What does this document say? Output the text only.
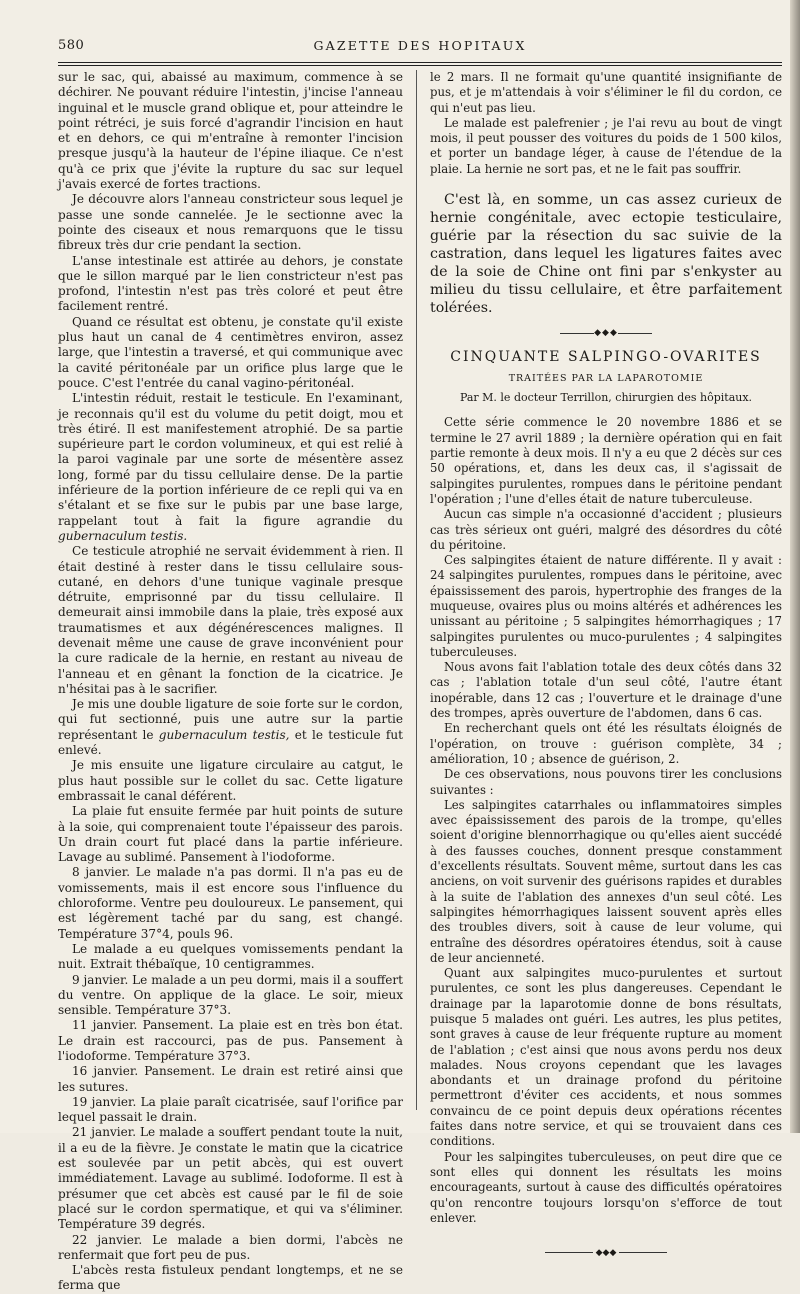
580	GAZETTE DES HOPITAUX

sur le sac, qui, abaissé au maximum, commence à se déchirer. Ne pouvant réduire l'intestin, j'incise l'anneau inguinal et le muscle grand oblique et, pour atteindre le point rétréci, je suis forcé d'agrandir l'incision en haut et en dehors, ce qui m'entraîne à remonter l'incision presque jusqu'à la hauteur de l'épine iliaque. Ce n'est qu'à ce prix que j'évite la rupture du sac sur lequel j'avais exercé de fortes tractions.

Je découvre alors l'anneau constricteur sous lequel je passe une sonde cannelée. Je le sectionne avec la pointe des ciseaux et nous remarquons que le tissu fibreux très dur crie pendant la section.

L'anse intestinale est attirée au dehors, je constate que le sillon marqué par le lien constricteur n'est pas profond, l'intestin n'est pas très coloré et peut être facilement rentré.

Quand ce résultat est obtenu, je constate qu'il existe plus haut un canal de 4 centimètres environ, assez large, que l'intestin a traversé, et qui communique avec la cavité péritonéale par un orifice plus large que le pouce. C'est l'entrée du canal vagino-péritonéal.

L'intestin réduit, restait le testicule. En l'examinant, je reconnais qu'il est du volume du petit doigt, mou et très étiré. Il est manifestement atrophié. De sa partie supérieure part le cordon volumineux, et qui est relié à la paroi vaginale par une sorte de mésentère assez long, formé par du tissu cellulaire dense. De la partie inférieure de la portion inférieure de ce repli qui va en s'étalant et se fixe sur le pubis par une base large, rappelant tout à fait la figure agrandie du gubernaculum testis.

Ce testicule atrophié ne servait évidemment à rien. Il était destiné à rester dans le tissu cellulaire sous-cutané, en dehors d'une tunique vaginale presque détruite, emprisonné par du tissu cellulaire. Il demeurait ainsi immobile dans la plaie, très exposé aux traumatismes et aux dégénérescences malignes. Il devenait même une cause de grave inconvénient pour la cure radicale de la hernie, en restant au niveau de l'anneau et en gênant la fonction de la cicatrice. Je n'hésitai pas à le sacrifier.

Je mis une double ligature de soie forte sur le cordon, qui fut sectionné, puis une autre sur la partie représentant le gubernaculum testis, et le testicule fut enlevé.

Je mis ensuite une ligature circulaire au catgut, le plus haut possible sur le collet du sac. Cette ligature embrassait le canal déférent.

La plaie fut ensuite fermée par huit points de suture à la soie, qui comprenaient toute l'épaisseur des parois. Un drain court fut placé dans la partie inférieure. Lavage au sublimé. Pansement à l'iodoforme.

8 janvier. Le malade n'a pas dormi. Il n'a pas eu de vomissements, mais il est encore sous l'influence du chloroforme. Ventre peu douloureux. Le pansement, qui est légèrement taché par du sang, est changé. Température 37°4, pouls 96.

Le malade a eu quelques vomissements pendant la nuit. Extrait thébaïque, 10 centigrammes.

9 janvier. Le malade a un peu dormi, mais il a souffert du ventre. On applique de la glace. Le soir, mieux sensible. Température 37°3.

11 janvier. Pansement. La plaie est en très bon état. Le drain est raccourci, pas de pus. Pansement à l'iodoforme. Température 37°3.

16 janvier. Pansement. Le drain est retiré ainsi que les sutures.

19 janvier. La plaie paraît cicatrisée, sauf l'orifice par lequel passait le drain.

21 janvier. Le malade a souffert pendant toute la nuit, il a eu de la fièvre. Je constate le matin que la cicatrice est soulevée par un petit abcès, qui est ouvert immédiatement. Lavage au sublimé. Iodoforme. Il est à présumer que cet abcès est causé par le fil de soie placé sur le cordon spermatique, et qui va s'éliminer. Température 39 degrés.

22 janvier. Le malade a bien dormi, l'abcès ne renfermait que fort peu de pus.

L'abcès resta fistuleux pendant longtemps, et ne se ferma que

le 2 mars. Il ne formait qu'une quantité insignifiante de pus, et je m'attendais à voir s'éliminer le fil du cordon, ce qui n'eut pas lieu.

Le malade est palefrenier ; je l'ai revu au bout de vingt mois, il peut pousser des voitures du poids de 1 500 kilos, et porter un bandage léger, à cause de l'étendue de la plaie. La hernie ne sort pas, et ne le fait pas souffrir.

C'est là, en somme, un cas assez curieux de hernie congénitale, avec ectopie testiculaire, guérie par la résection du sac suivie de la castration, dans lequel les ligatures faites avec de la soie de Chine ont fini par s'enkyster au milieu du tissu cellulaire, et être parfaitement tolérées.

◆◆◆
CINQUANTE SALPINGO-OVARITES
TRAITÉES PAR LA LAPAROTOMIE
Par M. le docteur Terrillon, chirurgien des hôpitaux.

Cette série commence le 20 novembre 1886 et se termine le 27 avril 1889 ; la dernière opération qui en fait partie remonte à deux mois. Il n'y a eu que 2 décès sur ces 50 opérations, et, dans les deux cas, il s'agissait de salpingites purulentes, rompues dans le péritoine pendant l'opération ; l'une d'elles était de nature tuberculeuse.

Aucun cas simple n'a occasionné d'accident ; plusieurs cas très sérieux ont guéri, malgré des désordres du côté du péritoine.

Ces salpingites étaient de nature différente. Il y avait : 24 salpingites purulentes, rompues dans le péritoine, avec épaississement des parois, hypertrophie des franges de la muqueuse, ovaires plus ou moins altérés et adhérences les unissant au péritoine ; 5 salpingites hémorrhagiques ; 17 salpingites purulentes ou muco-purulentes ; 4 salpingites tuberculeuses.

Nous avons fait l'ablation totale des deux côtés dans 32 cas ; l'ablation totale d'un seul côté, l'autre étant inopérable, dans 12 cas ; l'ouverture et le drainage d'une des trompes, après ouverture de l'abdomen, dans 6 cas.

En recherchant quels ont été les résultats éloignés de l'opération, on trouve : guérison complète, 34 ; amélioration, 10 ; absence de guérison, 2.

De ces observations, nous pouvons tirer les conclusions suivantes :

Les salpingites catarrhales ou inflammatoires simples avec épaississement des parois de la trompe, qu'elles soient d'origine blennorrhagique ou qu'elles aient succédé à des fausses couches, donnent presque constamment d'excellents résultats. Souvent même, surtout dans les cas anciens, on voit survenir des guérisons rapides et durables à la suite de l'ablation des annexes d'un seul côté. Les salpingites hémorrhagiques laissent souvent après elles des troubles divers, soit à cause de leur volume, qui entraîne des désordres opératoires étendus, soit à cause de leur ancienneté.

Quant aux salpingites muco-purulentes et surtout purulentes, ce sont les plus dangereuses. Cependant le drainage par la laparotomie donne de bons résultats, puisque 5 malades ont guéri. Les autres, les plus petites, sont graves à cause de leur fréquente rupture au moment de l'ablation ; c'est ainsi que nous avons perdu nos deux malades. Nous croyons cependant que les lavages abondants et un drainage profond du péritoine permettront d'éviter ces accidents, et nous sommes convaincu de ce point depuis deux opérations récentes faites dans notre service, et qui se trouvaient dans ces conditions.

Pour les salpingites tuberculeuses, on peut dire que ce sont elles qui donnent les résultats les moins encourageants, surtout à cause des difficultés opératoires qu'on rencontre toujours lorsqu'on s'efforce de tout enlever.

◆◆◆
